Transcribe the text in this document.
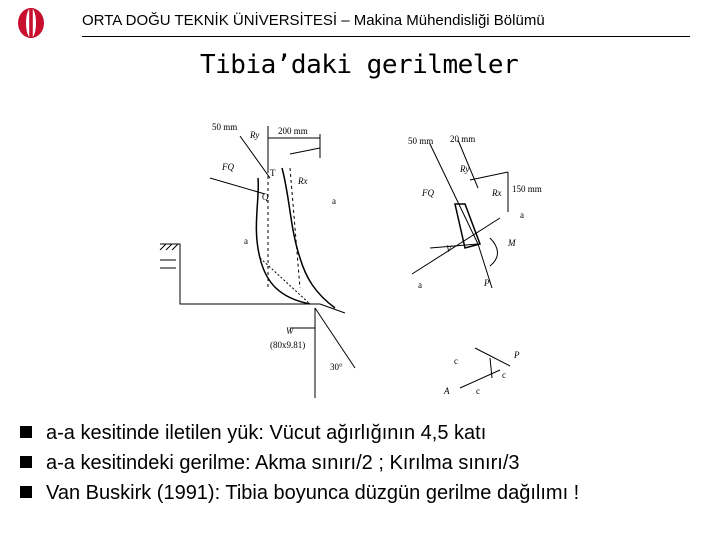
ORTA DOĞU TEKNİK ÜNİVERSİTESİ – Makina Mühendisliği Bölümü
Tibia’daki gerilmeler
50 mm
Ry 200 mm
FQ
T
Rx
Q	a
a
W
(80x9.81)
30°
50 mm 20 mm
Ry
FQ	Rx 150 mm
a
V
M
a	P
c
P
c
A	c
a-a kesitinde iletilen yük: Vücut ağırlığının 4,5 katı
a-a kesitindeki gerilme: Akma sınırı/2 ; Kırılma sınırı/3
Van Buskirk (1991): Tibia boyunca düzgün gerilme dağılımı !
